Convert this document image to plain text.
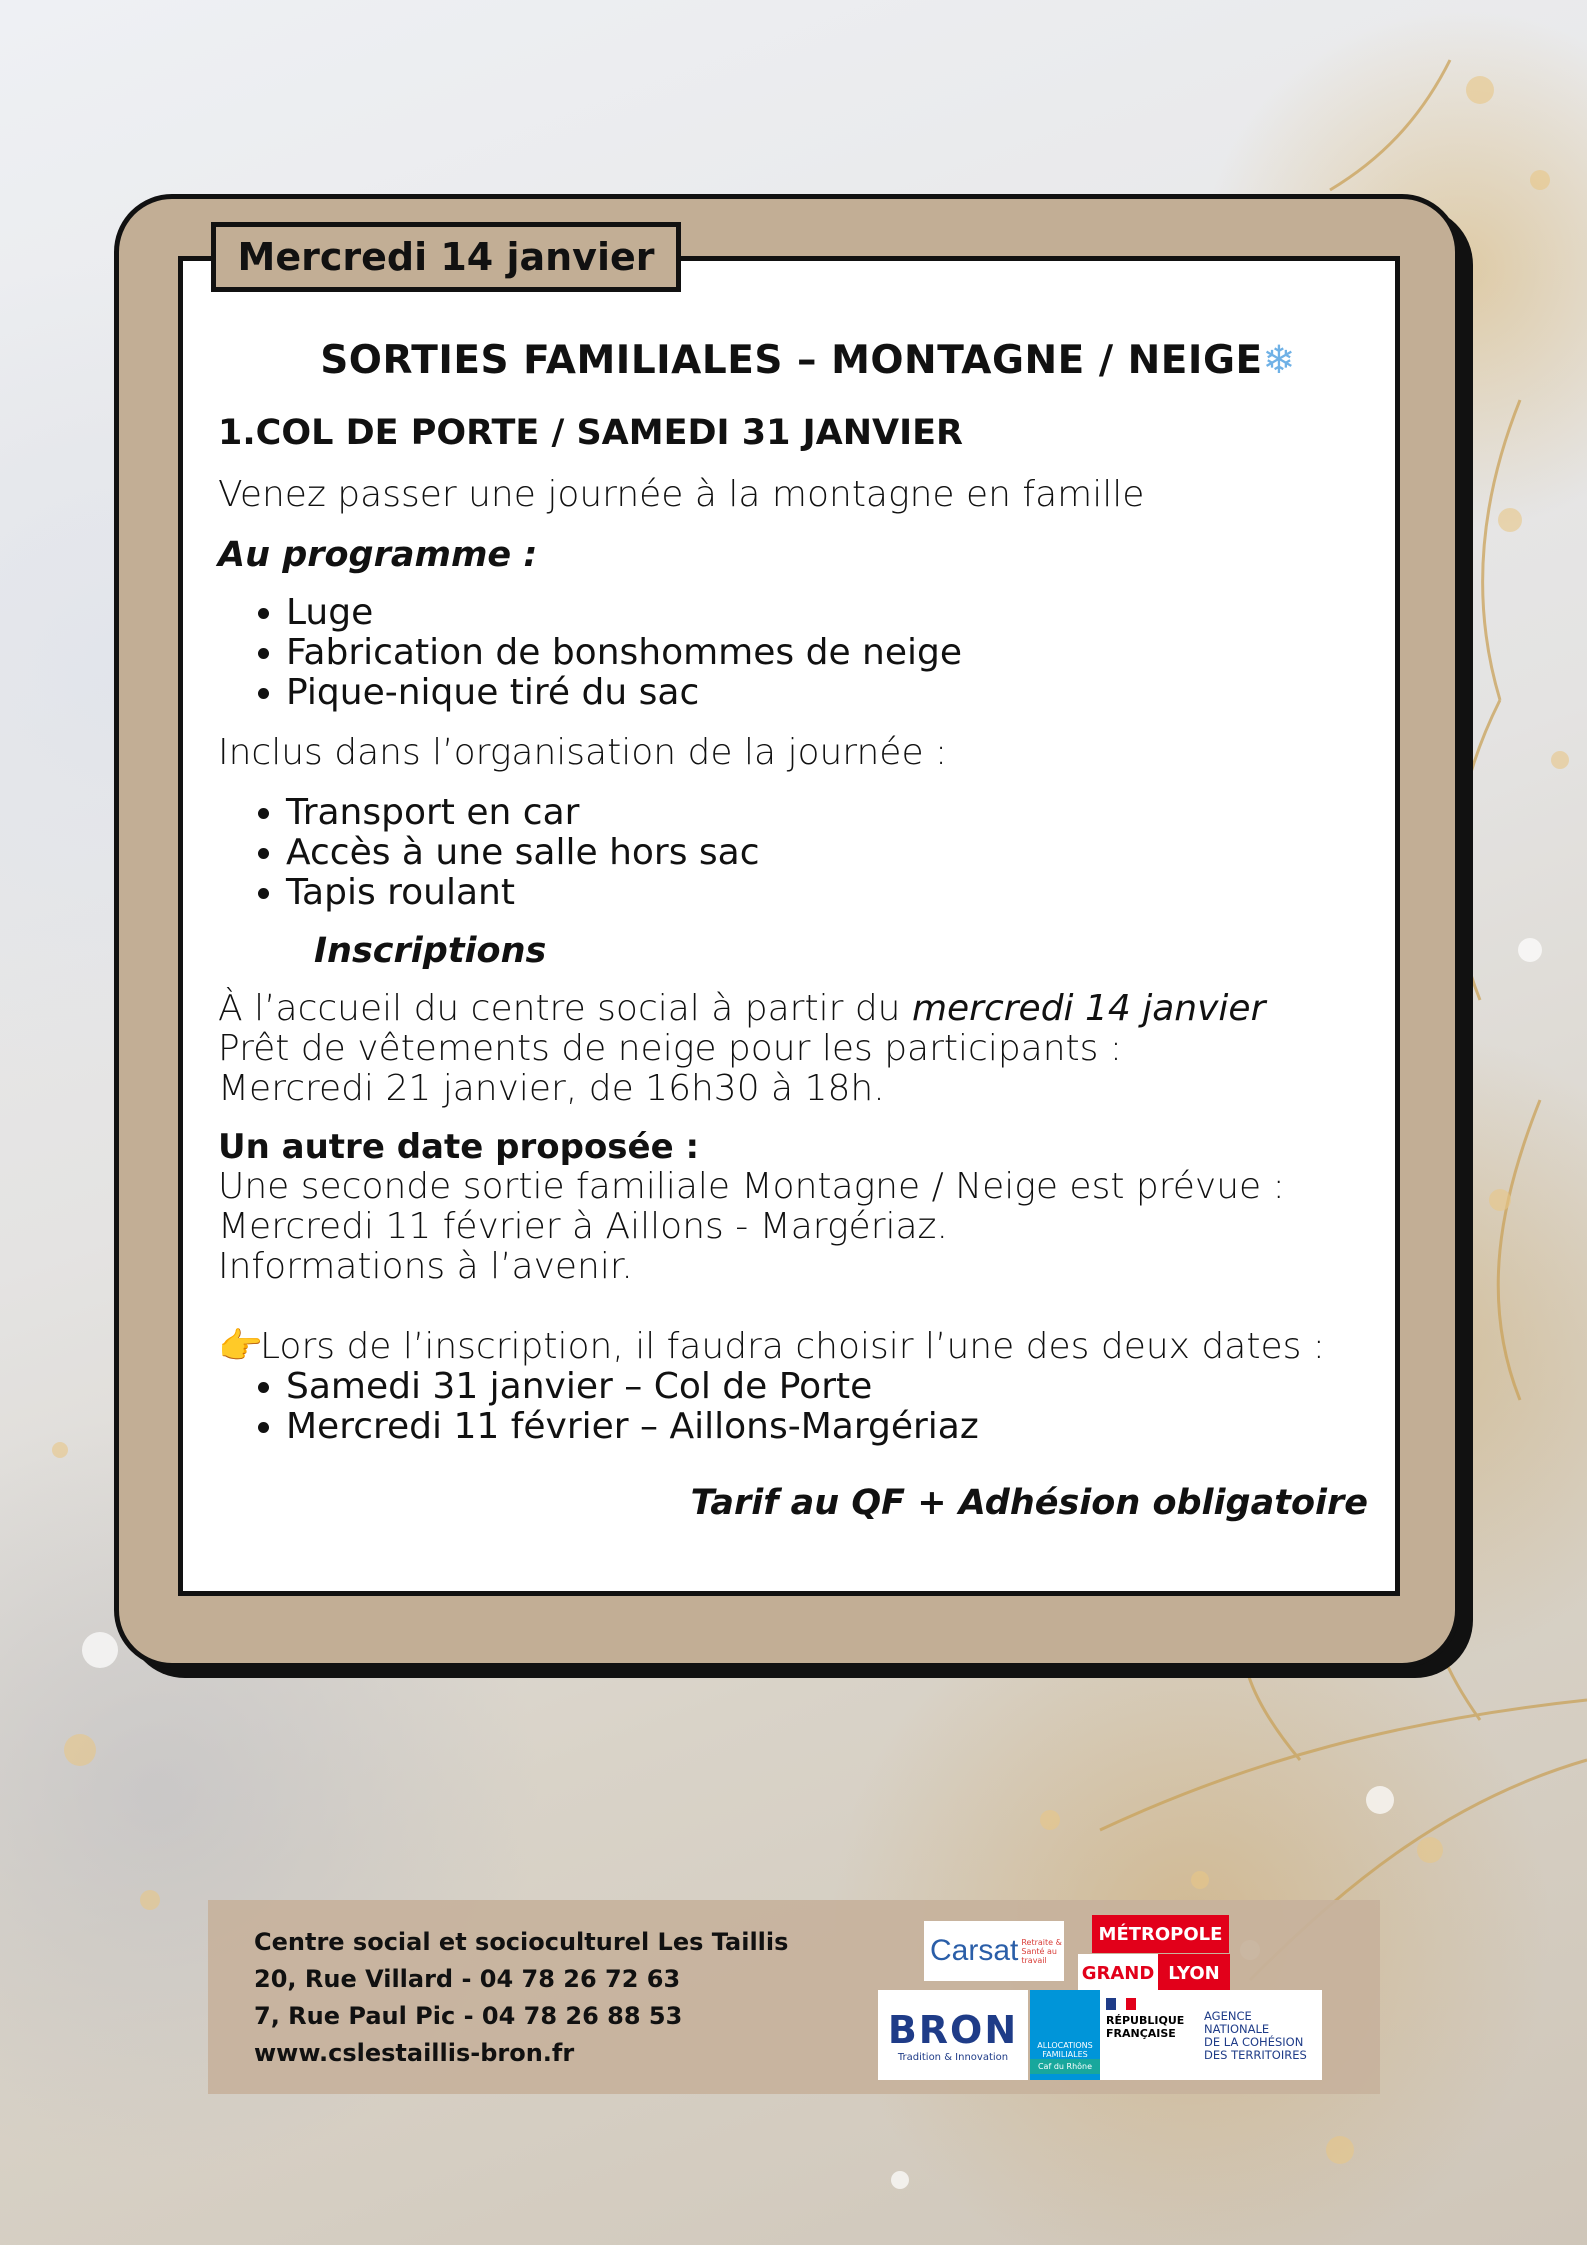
Mercredi 14 janvier
SORTIES FAMILIALES – MONTAGNE / NEIGE❄

1.COL DE PORTE / SAMEDI 31 JANVIER

Venez passer une journée à la montagne en famille

Au programme :

• Luge
• Fabrication de bonshommes de neige
• Pique-nique tiré du sac

Inclus dans l’organisation de la journée :

• Transport en car
• Accès à une salle hors sac
• Tapis roulant

Inscriptions

À l’accueil du centre social à partir du mercredi 14 janvier

Prêt de vêtements de neige pour les participants :

Mercredi 21 janvier, de 16h30 à 18h.

Un autre date proposée :

Une seconde sortie familiale Montagne / Neige est prévue :

Mercredi 11 février à Aillons - Margériaz.

Informations à l’avenir.

👉Lors de l’inscription, il faudra choisir l’une des deux dates :

• Samedi 31 janvier – Col de Porte
• Mercredi 11 février – Aillons-Margériaz

Tarif au QF + Adhésion obligatoire

Centre social et socioculturel Les Taillis
20, Rue Villard - 04 78 26 72 63
7, Rue Paul Pic - 04 78 26 88 53
www.cslestaillis-bron.fr
Carsat Retraite & Santé au travail
MÉTROPOLE
GRAND LYON
BRON
Tradition & Innovation
ALLOCATIONS FAMILIALES
Caf du Rhône
RÉPUBLIQUE FRANÇAISE
AGENCE
NATIONALE
DE LA COHÉSION
DES TERRITOIRES
